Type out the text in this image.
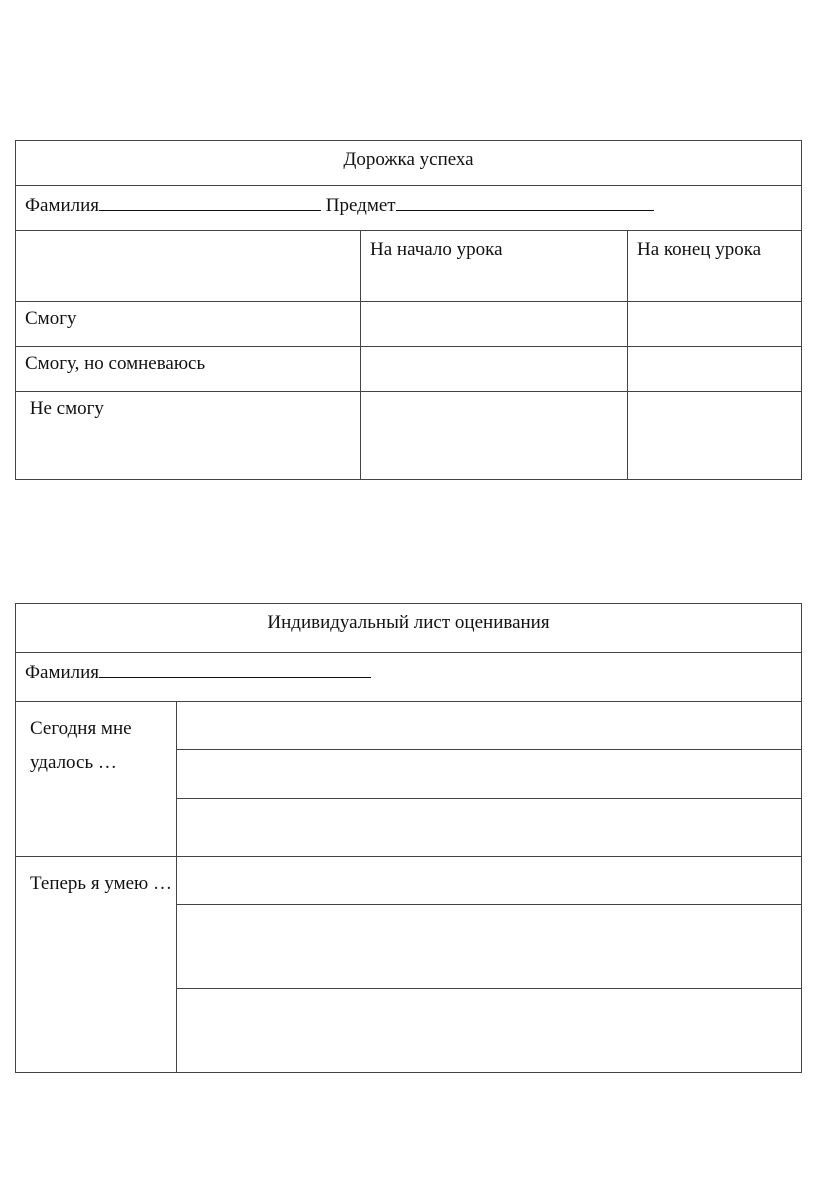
Дорожка успеха		
Фамилия Предмет		
	На начало урока	На конец урока
Смогу		
Смогу, но сомневаюсь		
Не смогу		
Индивидуальный лист оценивания	
Фамилия	
Сегодня мне удалось …	

Теперь я умею …	
